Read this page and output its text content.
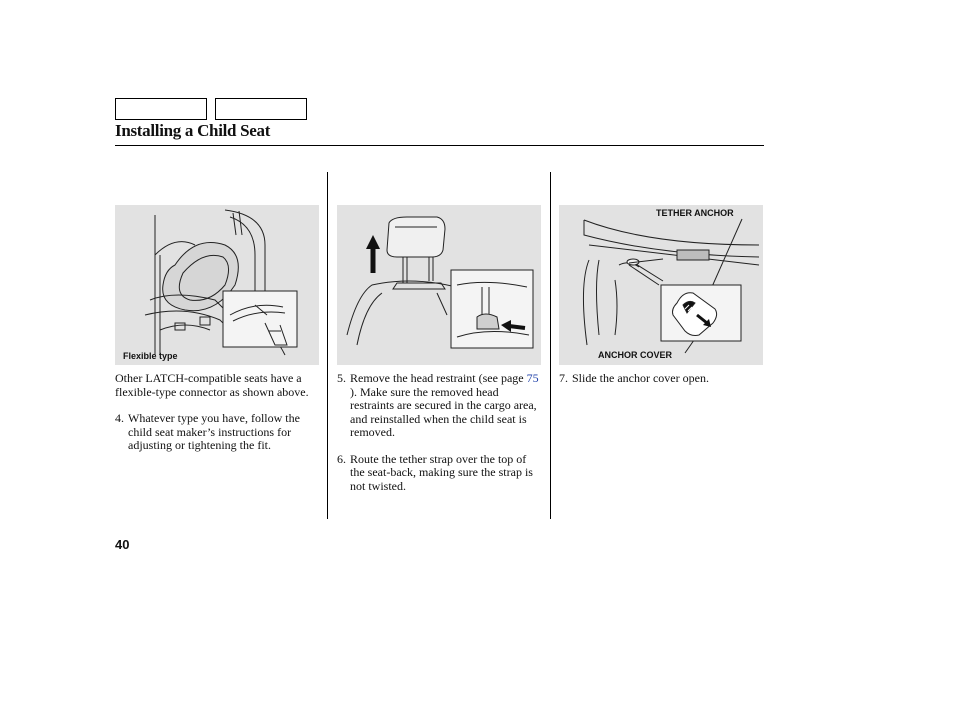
Installing a Child Seat
Flexible type
TETHER ANCHOR
ANCHOR COVER

Other LATCH-compatible seats have a flexible-type connector as shown above.

4. Whatever type you have, follow the child seat maker’s instructions for adjusting or tightening the fit.
5. Remove the head restraint (see page 75 ). Make sure the removed head restraints are secured in the cargo area, and reinstalled when the child seat is removed.
6. Route the tether strap over the top of the seat-back, making sure the strap is not twisted.
7. Slide the anchor cover open.
40
